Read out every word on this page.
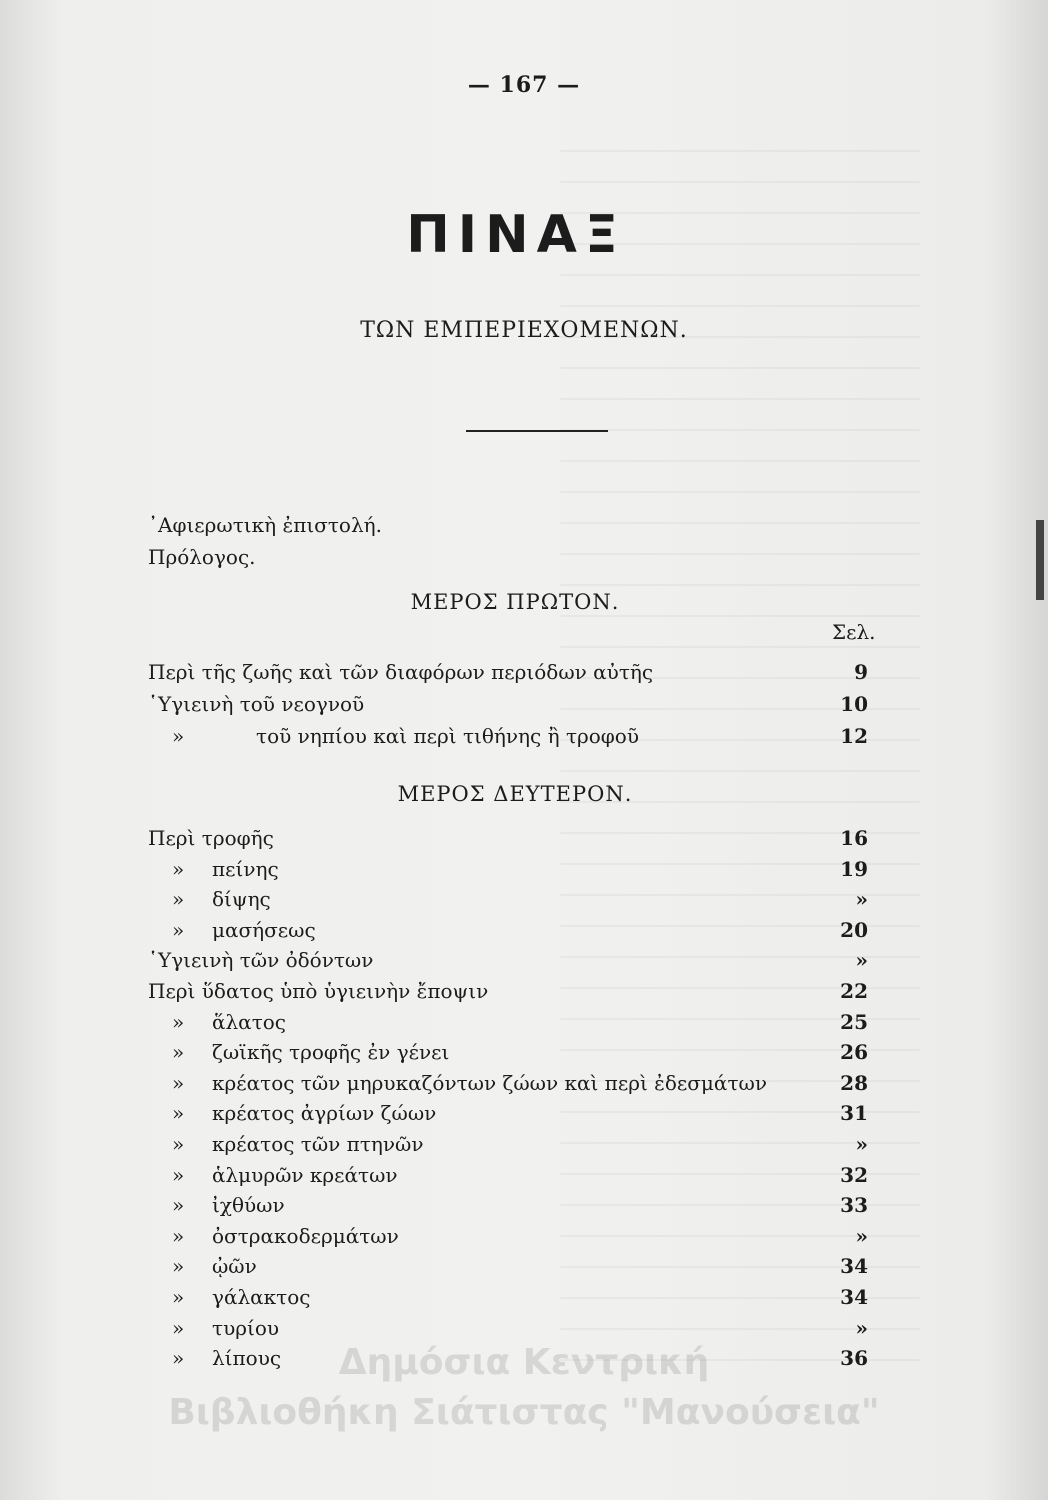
— 167 —
ΠΙΝΑΞ
ΤΩΝ ΕΜΠΕΡΙΕΧΟΜΕΝΩΝ.
᾿Αφιερωτικὴ ἐπιστολή.
Πρόλογος.
ΜΕΡΟΣ ΠΡΩΤΟΝ.
Σελ.
Περὶ τῆς ζωῆς καὶ τῶν διαφόρων περιόδων αὐτῆς	9
῾Υγιεινὴ τοῦ νεογνοῦ	10
»	τοῦ νηπίου καὶ περὶ τιθήνης ἢ τροφοῦ	12
ΜΕΡΟΣ ΔΕΥΤΕΡΟΝ.
Περὶ τροφῆς	16
» πείνης	19
» δίψης	»
» μασήσεως	20
῾Υγιεινὴ τῶν ὀδόντων	»
Περὶ ὕδατος ὑπὸ ὑγιεινὴν ἔποψιν	22
» ἅλατος	25
» ζωϊκῆς τροφῆς ἐν γένει	26
» κρέατος τῶν μηρυκαζόντων ζώων καὶ περὶ ἐδεσμάτων	28
» κρέατος ἀγρίων ζώων	31
» κρέατος τῶν πτηνῶν	»
» ἁλμυρῶν κρεάτων	32
» ἰχθύων	33
» ὀστρακοδερμάτων	»
» ᾠῶν	34
» γάλακτος	34
» τυρίου	»
» λίπους	36
Δημόσια Κεντρική
Βιβλιοθήκη Σιάτιστας "Μανούσεια"
